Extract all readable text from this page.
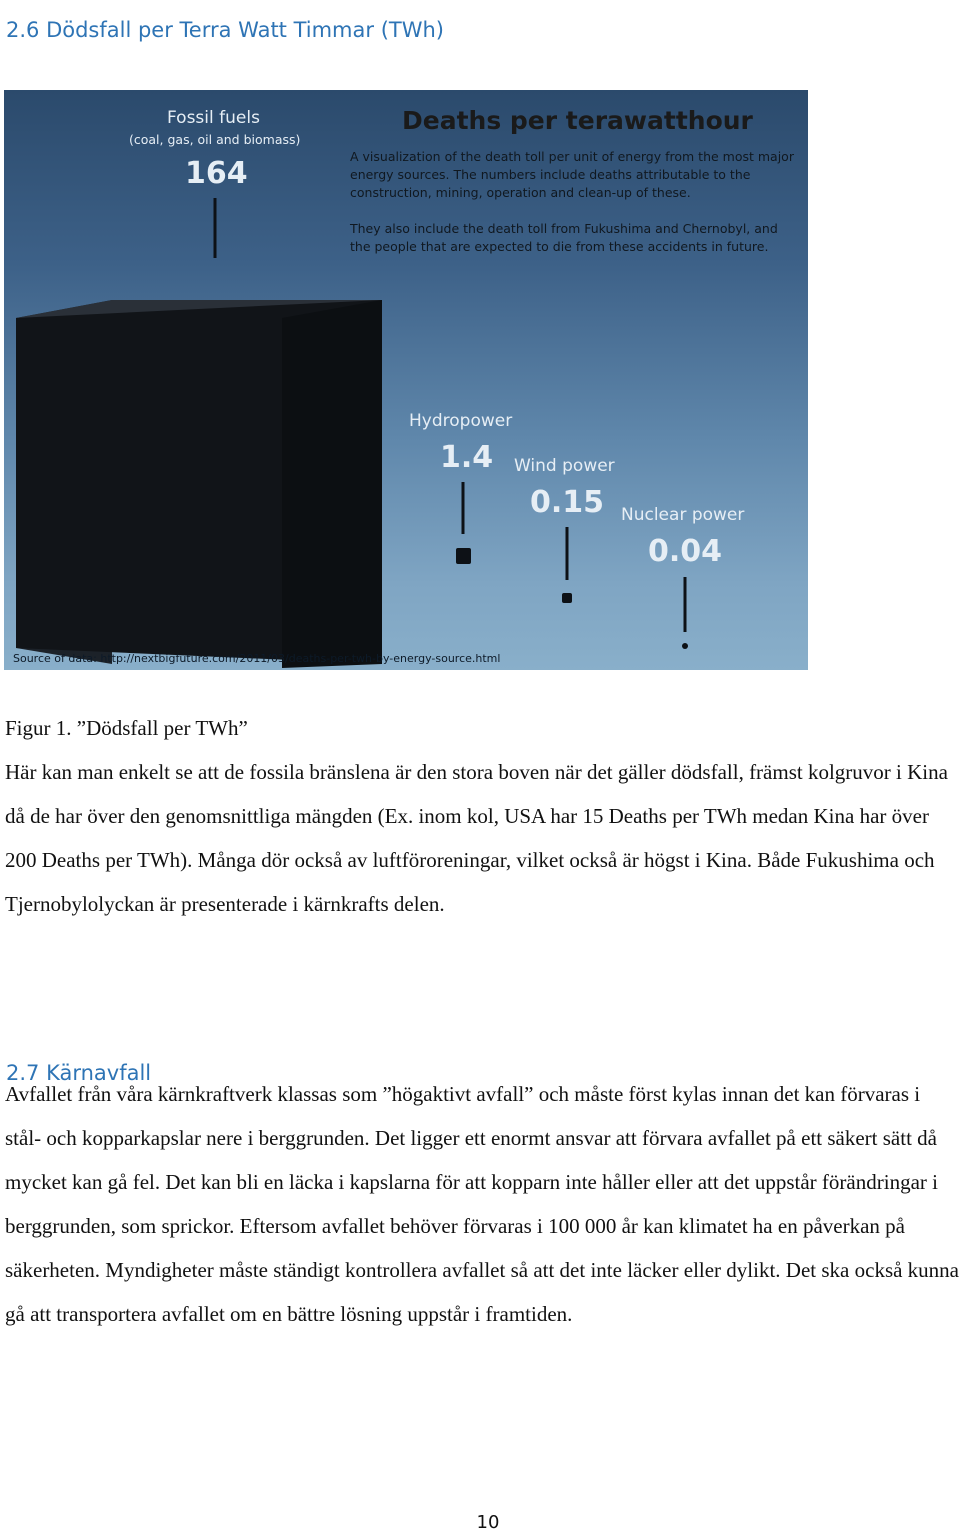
2.6 Dödsfall per Terra Watt Timmar (TWh)
Deaths per terawatthour

A visualization of the death toll per unit of energy from the most major energy sources. The numbers include deaths attributable to the construction, mining, operation and clean-up of these.

They also include the death toll from Fukushima and Chernobyl, and the people that are expected to die from these accidents in future.

Fossil fuels
(coal, gas, oil and biomass)
164
Hydropower
1.4 Wind power
0.15 Nuclear power
0.04
Source of data: http://nextbigfuture.com/2011/03/deaths-per-twh-by-energy-source.html

Figur 1. ”Dödsfall per TWh”

Här kan man enkelt se att de fossila bränslena är den stora boven när det gäller dödsfall, främst kolgruvor i Kina då de har över den genomsnittliga mängden (Ex. inom kol, USA har 15 Deaths per TWh medan Kina har över 200 Deaths per TWh). Många dör också av luftföroreningar, vilket också är högst i Kina. Både Fukushima och Tjernobylolyckan är presenterade i kärnkrafts delen.

2.7 Kärnavfall

Avfallet från våra kärnkraftverk klassas som ”högaktivt avfall” och måste först kylas innan det kan förvaras i stål- och kopparkapslar nere i berggrunden. Det ligger ett enormt ansvar att förvara avfallet på ett säkert sätt då mycket kan gå fel. Det kan bli en läcka i kapslarna för att kopparn inte håller eller att det uppstår förändringar i berggrunden, som sprickor. Eftersom avfallet behöver förvaras i 100 000 år kan klimatet ha en påverkan på säkerheten. Myndigheter måste ständigt kontrollera avfallet så att det inte läcker eller dylikt. Det ska också kunna gå att transportera avfallet om en bättre lösning uppstår i framtiden.

10
